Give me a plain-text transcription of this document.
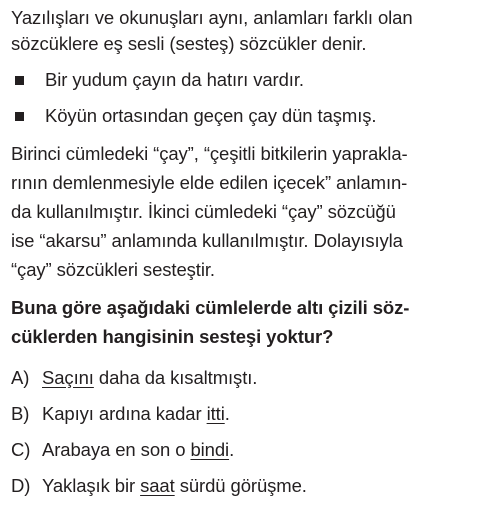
Yazılışları ve okunuşları aynı, anlamları farklı olan sözcüklere eş sesli (sesteş) sözcükler denir.

Bir yudum çayın da hatırı vardır.
Köyün ortasından geçen çay dün taşmış.
Birinci cümledeki “çay”, “çeşitli bitkilerin yaprakla-
rının demlenmesiyle elde edilen içecek” anlamın-
da kullanılmıştır. İkinci cümledeki “çay” sözcüğü
ise “akarsu” anlamında kullanılmıştır. Dolayısıyla
“çay” sözcükleri sesteştir.
Buna göre aşağıdaki cümlelerde altı çizili söz-
cüklerden hangisinin sesteşi yoktur?
A) Saçını daha da kısaltmıştı.
B) Kapıyı ardına kadar itti.
C) Arabaya en son o bindi.
D) Yaklaşık bir saat sürdü görüşme.
